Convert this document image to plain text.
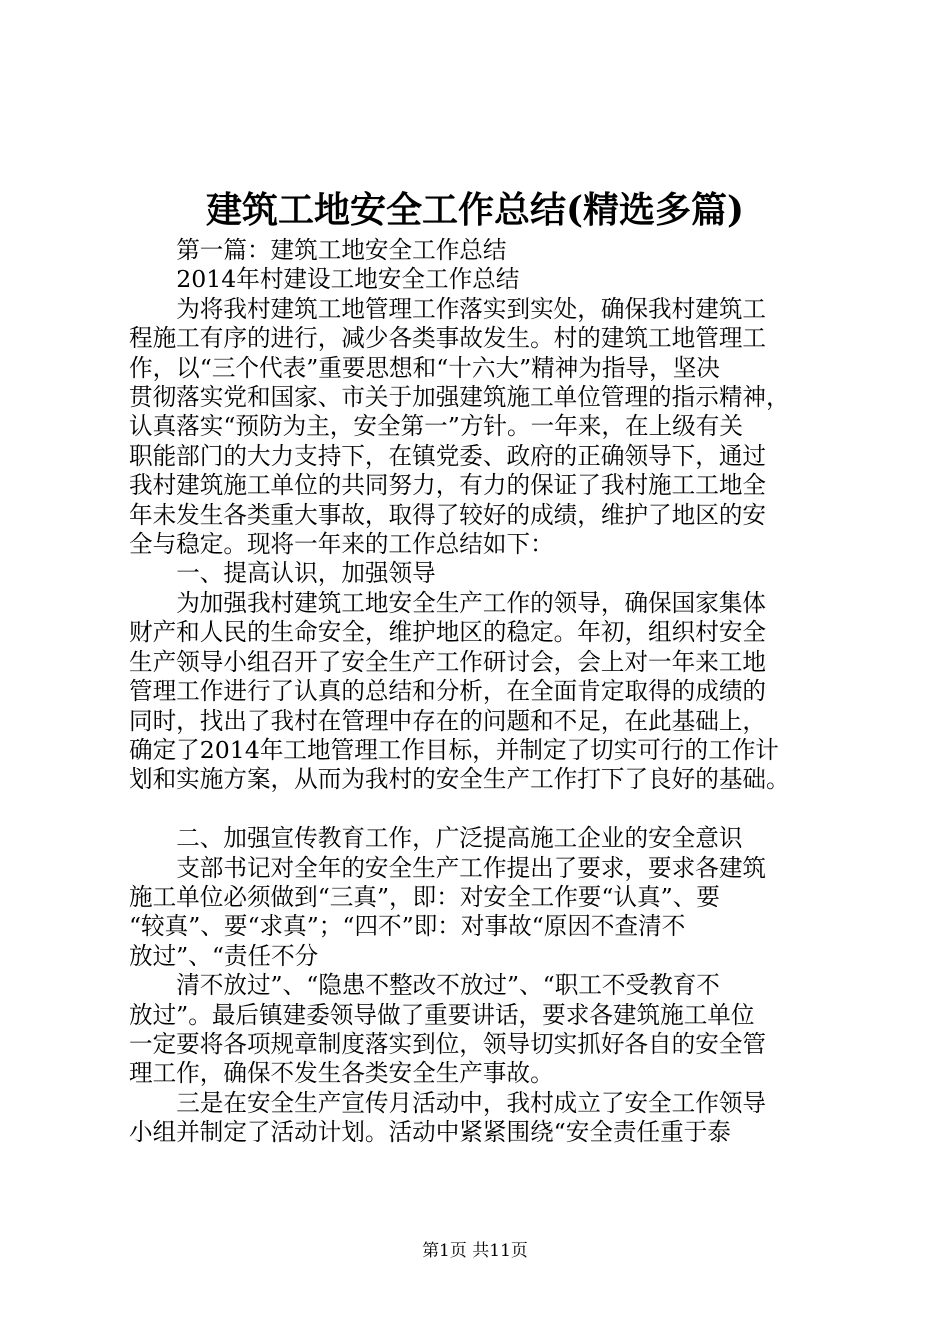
建筑工地安全工作总结(精选多篇)

第一篇：建筑工地安全工作总结

2014年村建设工地安全工作总结

为将我村建筑工地管理工作落实到实处，确保我村建筑工

程施工有序的进行，减少各类事故发生。村的建筑工地管理工

作，以“三个代表”重要思想和“十六大”精神为指导，坚决

贯彻落实党和国家、市关于加强建筑施工单位管理的指示精神，

认真落实“预防为主，安全第一”方针。一年来，在上级有关

职能部门的大力支持下，在镇党委、政府的正确领导下，通过

我村建筑施工单位的共同努力，有力的保证了我村施工工地全

年未发生各类重大事故，取得了较好的成绩，维护了地区的安

全与稳定。现将一年来的工作总结如下：

一、提高认识，加强领导

为加强我村建筑工地安全生产工作的领导，确保国家集体

财产和人民的生命安全，维护地区的稳定。年初，组织村安全

生产领导小组召开了安全生产工作研讨会，会上对一年来工地

管理工作进行了认真的总结和分析，在全面肯定取得的成绩的

同时，找出了我村在管理中存在的问题和不足，在此基础上，

确定了2014年工地管理工作目标，并制定了切实可行的工作计

划和实施方案，从而为我村的安全生产工作打下了良好的基础。

二、加强宣传教育工作，广泛提高施工企业的安全意识

支部书记对全年的安全生产工作提出了要求，要求各建筑

施工单位必须做到“三真”，即：对安全工作要“认真”、要

“较真”、要“求真”；“四不”即：对事故“原因不查清不

放过”、“责任不分

清不放过”、“隐患不整改不放过”、“职工不受教育不

放过”。最后镇建委领导做了重要讲话，要求各建筑施工单位

一定要将各项规章制度落实到位，领导切实抓好各自的安全管

理工作，确保不发生各类安全生产事故。

三是在安全生产宣传月活动中，我村成立了安全工作领导

小组并制定了活动计划。活动中紧紧围绕“安全责任重于泰

第1页 共11页
